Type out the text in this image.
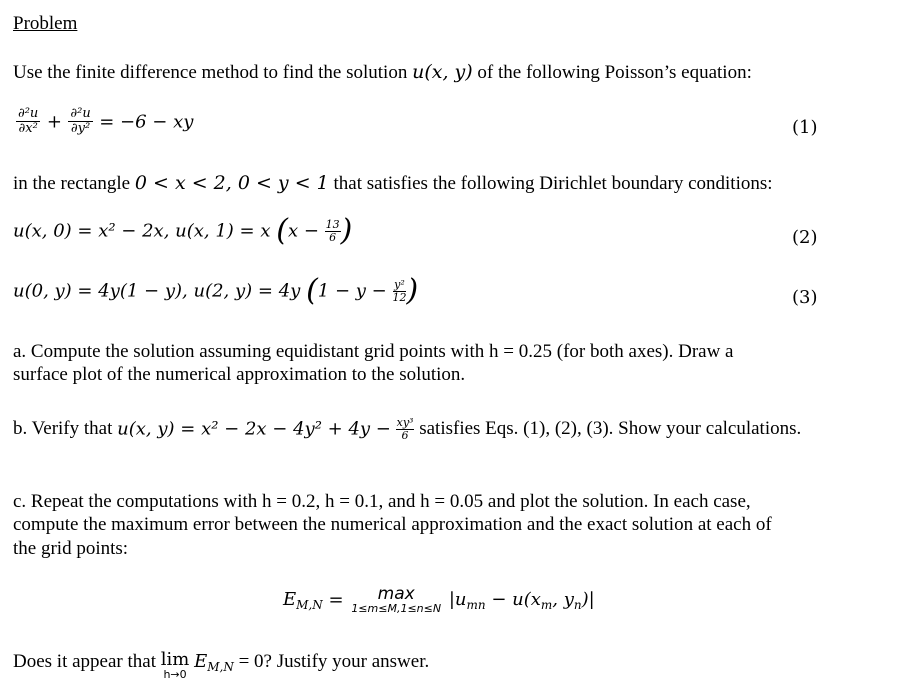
Problem
Use the finite difference method to find the solution u(x, y) of the following Poisson’s equation:
$\frac{\text{∂²u}}{\text{∂x²}} + \frac{\text{∂²u}}{\text{∂y²}} = -6$ − xy	(1)
in the rectangle 0 < x < 2, 0 < y < 1 that satisfies the following Dirichlet boundary conditions:
u(x, 0) = x² − 2x, u(x, 1) = x ($x - \frac{13}{6}$ )	(2)
u(0, y) = 4y(1 − y), u(2, y) = 4y ($1 - y - \frac{\text{y²}}{12}$ )	(3)
a. Compute the solution assuming equidistant grid points with h = 0.25 (for both axes). Draw a
surface plot of the numerical approximation to the solution.
b. Verify that u(x, $y) = x^2 - 2x - 4y^2 + 4y - \frac{\text{xy³}}{6}$ satisfies Eqs. (1), (2), (3). Show your calculations.
c. Repeat the computations with h = 0.2, h = 0.1, and h = 0.05 and plot the solution. In each case,
compute the maximum error between the numerical approximation and the exact solution at each of
the grid points:
$E_{M,N} = \max$
1≤m≤M,1≤n≤N $|u_{mn} - u(x_m$, $y_n)|$
Does it appear that lim
h→0
$E_{M,N} = 0$? Justify your answer.
